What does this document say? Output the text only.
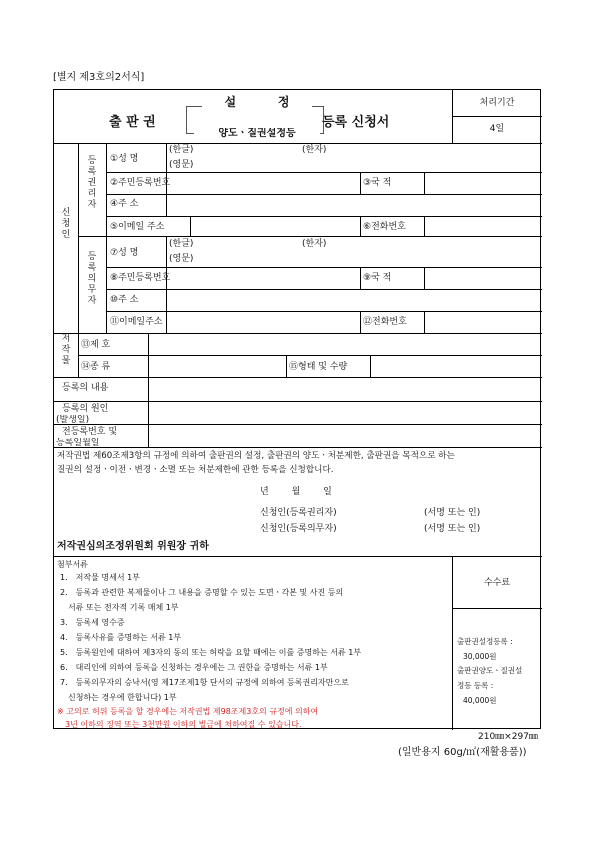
[별지 제3호의2서식]
출 판 권
설          정
양도ㆍ질권설정등
등록 신청서
처리기간
4일
신 청 인
등 록 권 리 자
등 록 의 무 자
①성 명
(한글)	(한자)
(영문)
②주민등록번호	③국 적
④주 소
⑤이메일 주소	⑥전화번호
⑦성 명
(한글)	(한자)
(영문)
⑧주민등록번호	⑨국 적
⑩주 소
⑪이메일주소	⑫전화번호
저 작 물
⑬제 호
⑭종 류	⑮형태 및 수량
등록의 내용
등록의 원인
(발생일)
전등록번호 및
등록일월일
저작권법 제60조제3항의 규정에 의하여 출판권의 설정, 출판권의 양도ㆍ처분제한, 출판권을 목적으로 하는
질권의 설정ㆍ이전ㆍ변경ㆍ소멸 또는 처분제한에 관한 등록을 신청합니다.
년        월        일
신청인(등록권리자)	(서명 또는 인)
신청인(등록의무자)	(서명 또는 인)
저작권심의조정위원회 위원장 귀하
첨부서류
1． 저작물 명세서 1부
2． 등록과 관련한 복제물이나 그 내용을 증명할 수 있는 도면ㆍ각본 및 사진 등의
서류 또는 전자적 기록 매체 1부
3． 등록세 영수증
4． 등록사유를 증명하는 서류 1부
5． 등록원인에 대하여 제3자의 동의 또는 허락을 요할 때에는 이를 증명하는 서류 1부
6． 대리인에 의하여 등록을 신청하는 경우에는 그 권한을 증명하는 서류 1부
7． 등록의무자의 승낙서(영 제17조제1항 단서의 규정에 의하여 등록권리자만으로
신청하는 경우에 한합니다) 1부
※ 고의로 허위 등록을 할 경우에는 저작권법 제98조제3호의 규정에 의하여
3년 이하의 징역 또는 3천만원 이하의 벌금에 처하여질 수 있습니다.
수수료
출판권설정등록 :
30,000원
출판권양도ㆍ질권설
정등 등록 :
40,000원
210㎜×297㎜
(일반용지 60g/㎡(재활용품))
